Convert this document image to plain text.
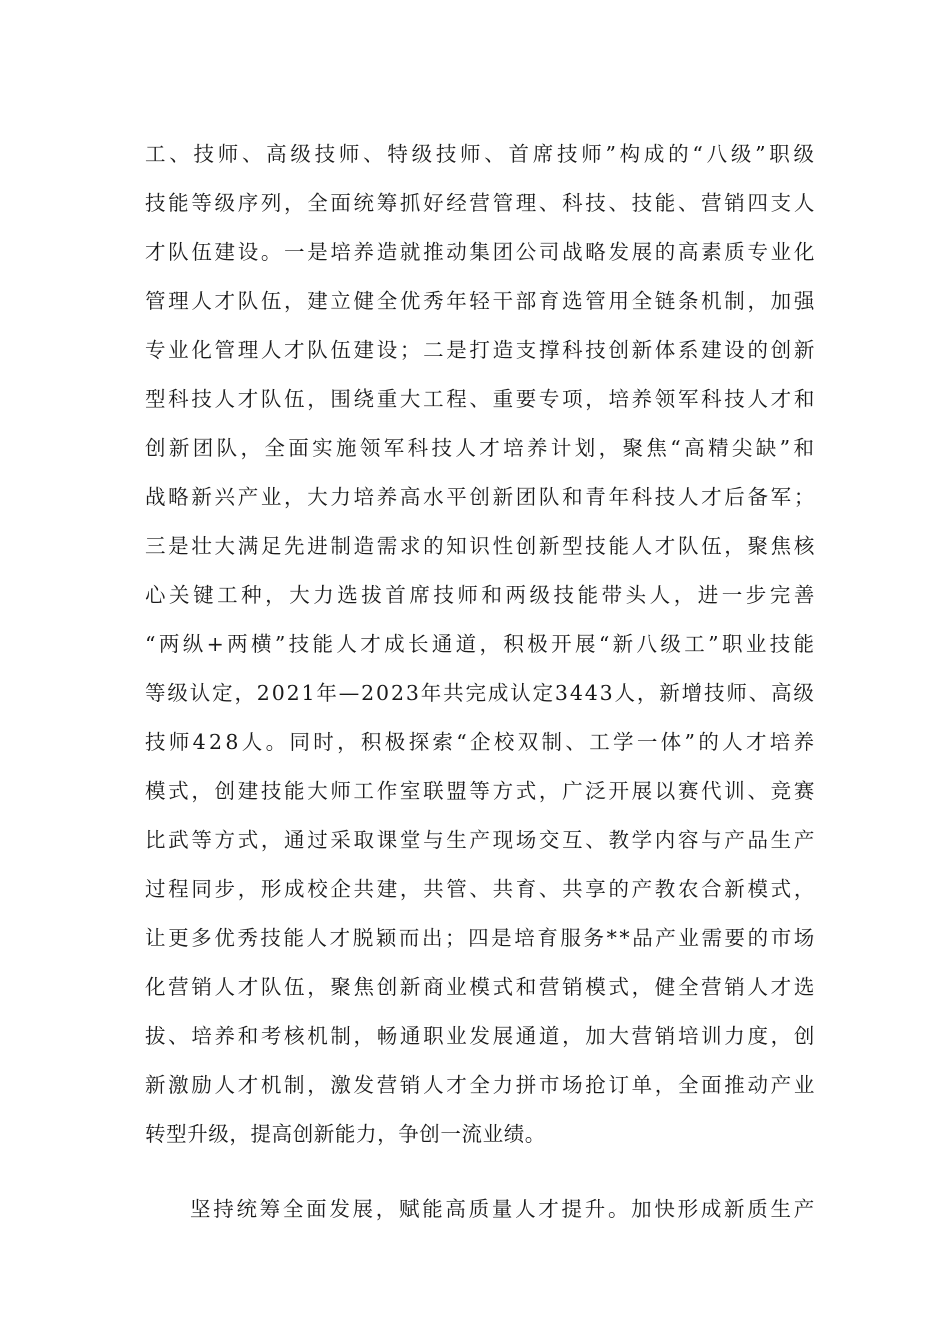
工 、 技 师 、 高 级 技 师 、 特 级 技 师 、 首 席 技 师 ” 构 成 的 “ 八 级 ” 职 级
技 能 等 级 序 列 ， 全 面 统 筹 抓 好 经 营 管 理 、 科 技 、 技 能 、 营 销 四 支 人
才 队 伍 建 设 。 一 是 培 养 造 就 推 动 集 团 公 司 战 略 发 展 的 高 素 质 专 业 化
管 理 人 才 队 伍 ， 建 立 健 全 优 秀 年 轻 干 部 育 选 管 用 全 链 条 机 制 ， 加 强
专 业 化 管 理 人 才 队 伍 建 设 ； 二 是 打 造 支 撑 科 技 创 新 体 系 建 设 的 创 新
型 科 技 人 才 队 伍 ， 围 绕 重 大 工 程 、 重 要 专 项 ， 培 养 领 军 科 技 人 才 和
创 新 团 队 ， 全 面 实 施 领 军 科 技 人 才 培 养 计 划 ， 聚 焦 “ 高 精 尖 缺 ” 和
战 略 新 兴 产 业 ， 大 力 培 养 高 水 平 创 新 团 队 和 青 年 科 技 人 才 后 备 军 ；
三 是 壮 大 满 足 先 进 制 造 需 求 的 知 识 性 创 新 型 技 能 人 才 队 伍 ， 聚 焦 核
心 关 键 工 种 ， 大 力 选 拔 首 席 技 师 和 两 级 技 能 带 头 人 ， 进 一 步 完 善
“ 两 纵 + 两 横 ” 技 能 人 才 成 长 通 道 ， 积 极 开 展 “ 新 八 级 工 ” 职 业 技 能
等 级 认 定 ， 2 0 2 1 年 — 2 0 2 3 年 共 完 成 认 定 3 4 4 3 人 ， 新 增 技 师 、 高 级
技 师 4 2 8 人 。 同 时 ， 积 极 探 索 “ 企 校 双 制 、 工 学 一 体 ” 的 人 才 培 养
模 式 ， 创 建 技 能 大 师 工 作 室 联 盟 等 方 式 ， 广 泛 开 展 以 赛 代 训 、 竞 赛
比 武 等 方 式 ， 通 过 采 取 课 堂 与 生 产 现 场 交 互 、 教 学 内 容 与 产 品 生 产
过 程 同 步 ， 形 成 校 企 共 建 ， 共 管 、 共 育 、 共 享 的 产 教 农 合 新 模 式 ，
让 更 多 优 秀 技 能 人 才 脱 颖 而 出 ； 四 是 培 育 服 务 * * 品 产 业 需 要 的 市 场
化 营 销 人 才 队 伍 ， 聚 焦 创 新 商 业 模 式 和 营 销 模 式 ， 健 全 营 销 人 才 选
拔 、 培 养 和 考 核 机 制 ， 畅 通 职 业 发 展 通 道 ， 加 大 营 销 培 训 力 度 ， 创
新 激 励 人 才 机 制 ， 激 发 营 销 人 才 全 力 拼 市 场 抢 订 单 ， 全 面 推 动 产 业
转型升级，提高创新能力，争创一流业绩。
坚 持 统 筹 全 面 发 展 ， 赋 能 高 质 量 人 才 提 升 。 加 快 形 成 新 质 生 产
